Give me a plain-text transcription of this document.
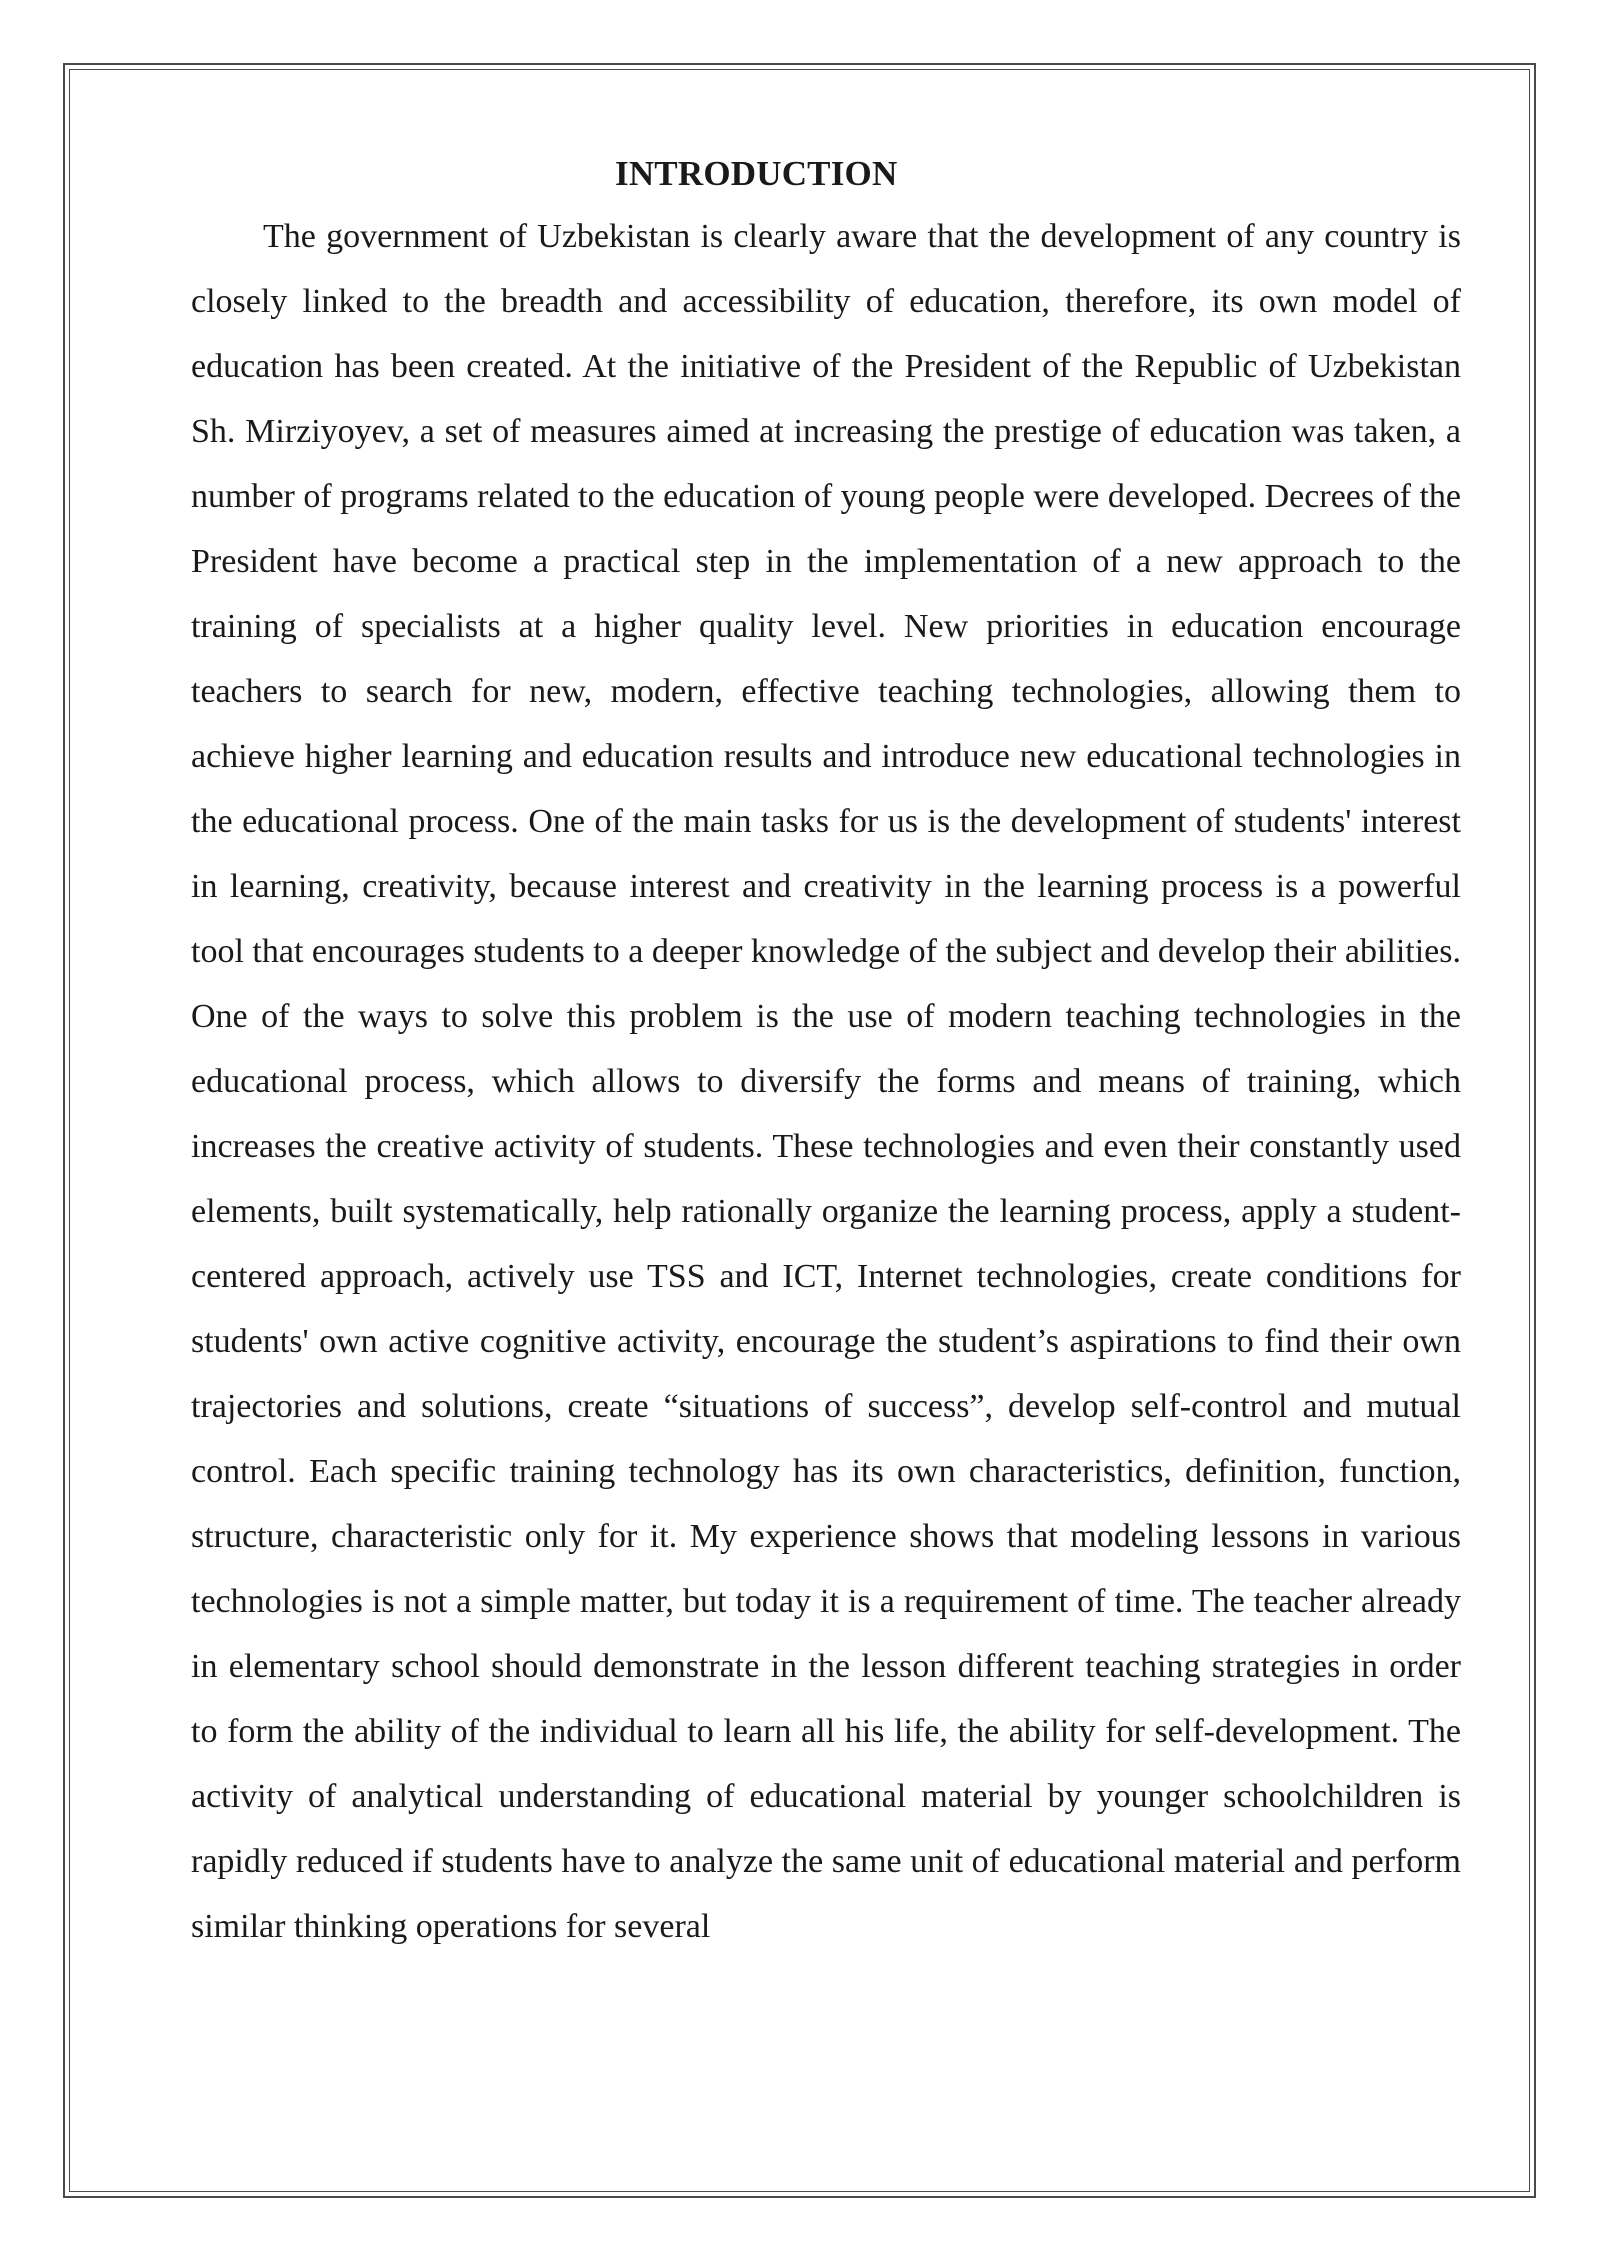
INTRODUCTION

The government of Uzbekistan is clearly aware that the development of any country is closely linked to the breadth and accessibility of education, therefore, its own model of education has been created. At the initiative of the President of the Republic of Uzbekistan Sh. Mirziyoyev, a set of measures aimed at increasing the prestige of education was taken, a number of programs related to the education of young people were developed. Decrees of the President have become a practical step in the implementation of a new approach to the training of specialists at a higher quality level. New priorities in education encourage teachers to search for new, modern, effective teaching technologies, allowing them to achieve higher learning and education results and introduce new educational technologies in the educational process. One of the main tasks for us is the development of students' interest in learning, creativity, because interest and creativity in the learning process is a powerful tool that encourages students to a deeper knowledge of the subject and develop their abilities. One of the ways to solve this problem is the use of modern teaching technologies in the educational process, which allows to diversify the forms and means of training, which increases the creative activity of students. These technologies and even their constantly used elements, built systematically, help rationally organize the learning process, apply a student-centered approach, actively use TSS and ICT, Internet technologies, create conditions for students' own active cognitive activity, encourage the student’s aspirations to find their own trajectories and solutions, create “situations of success”, develop self-control and mutual control. Each specific training technology has its own characteristics, definition, function, structure, characteristic only for it. My experience shows that modeling lessons in various technologies is not a simple matter, but today it is a requirement of time. The teacher already in elementary school should demonstrate in the lesson different teaching strategies in order to form the ability of the individual to learn all his life, the ability for self-development. The activity of analytical understanding of educational material by younger schoolchildren is rapidly reduced if students have to analyze the same unit of educational material and perform similar thinking operations for several
